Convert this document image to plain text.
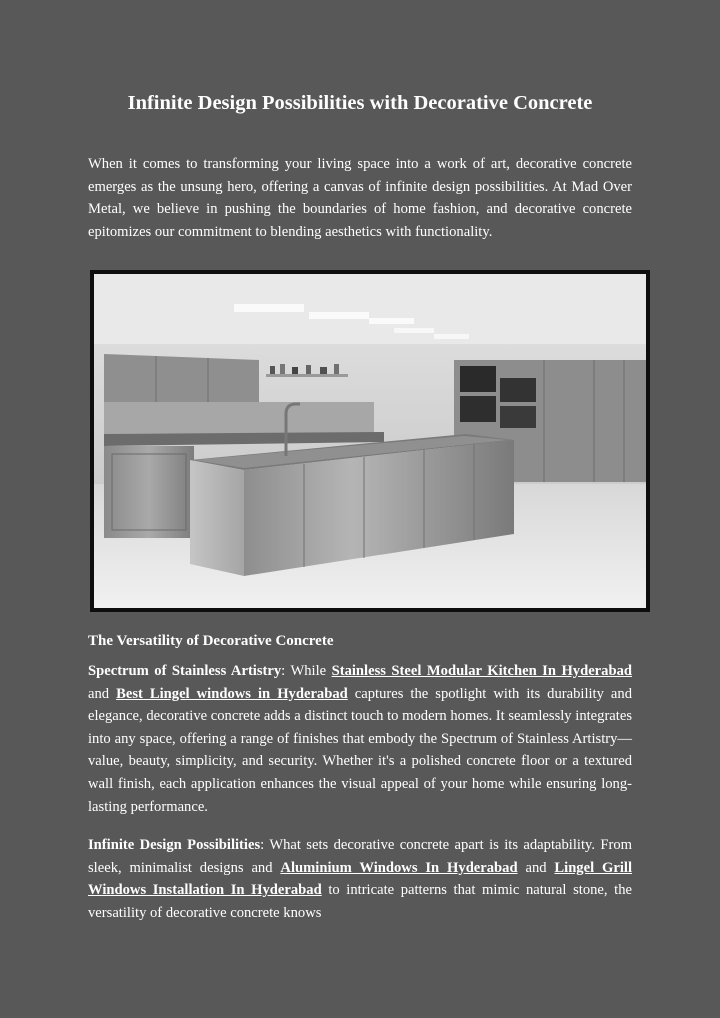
Infinite Design Possibilities with Decorative Concrete

When it comes to transforming your living space into a work of art, decorative concrete emerges as the unsung hero, offering a canvas of infinite design possibilities. At Mad Over Metal, we believe in pushing the boundaries of home fashion, and decorative concrete epitomizes our commitment to blending aesthetics with functionality.

The Versatility of Decorative Concrete

Spectrum of Stainless Artistry: While Stainless Steel Modular Kitchen In Hyderabad and Best Lingel windows in Hyderabad captures the spotlight with its durability and elegance, decorative concrete adds a distinct touch to modern homes. It seamlessly integrates into any space, offering a range of finishes that embody the Spectrum of Stainless Artistry—value, beauty, simplicity, and security. Whether it's a polished concrete floor or a textured wall finish, each application enhances the visual appeal of your home while ensuring long-lasting performance.

Infinite Design Possibilities: What sets decorative concrete apart is its adaptability. From sleek, minimalist designs and Aluminium Windows In Hyderabad and Lingel Grill Windows Installation In Hyderabad to intricate patterns that mimic natural stone, the versatility of decorative concrete knows
